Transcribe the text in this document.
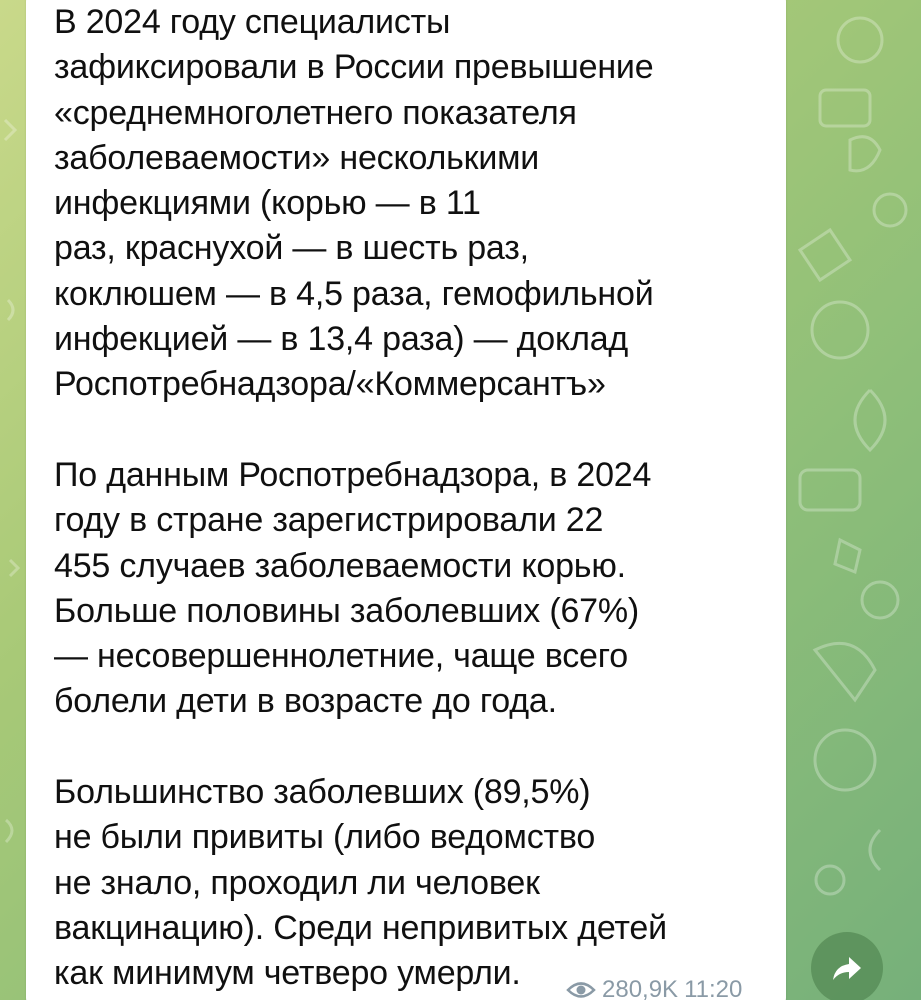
В 2024 году специалисты
зафиксировали в России превышение
«среднемноголетнего показателя
заболеваемости» несколькими
инфекциями (корью — в 11
раз, краснухой — в шесть раз,
коклюшем — в 4,5 раза, гемофильной
инфекцией — в 13,4 раза) — доклад
Роспотребнадзора/«Коммерсантъ»

По данным Роспотребнадзора, в 2024
году в стране зарегистрировали 22
455 случаев заболеваемости корью.
Больше половины заболевших (67%)
— несовершеннолетние, чаще всего
болели дети в возрасте до года.

Большинство заболевших (89,5%)
не были привиты (либо ведомство
не знало, проходил ли человек
вакцинацию). Среди непривитых детей
как минимум четверо умерли.	280,9K 11:20
